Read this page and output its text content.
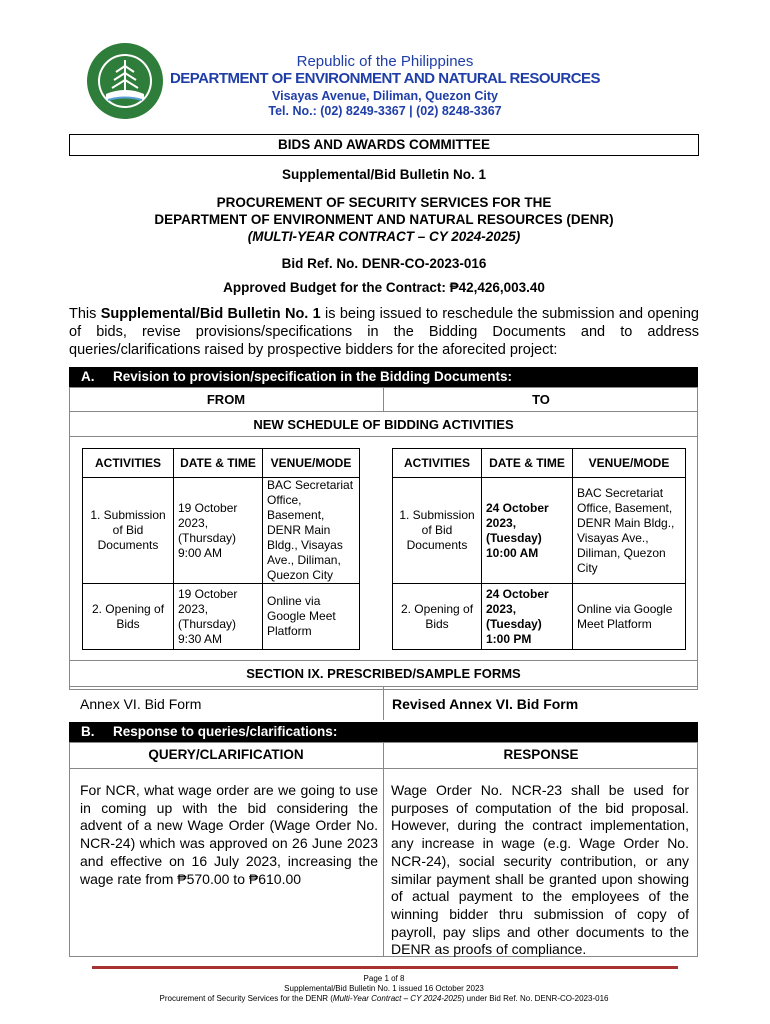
Republic of the Philippines
DEPARTMENT OF ENVIRONMENT AND NATURAL RESOURCES
Visayas Avenue, Diliman, Quezon City
Tel. No.: (02) 8249-3367 | (02) 8248-3367
BIDS AND AWARDS COMMITTEE
Supplemental/Bid Bulletin No. 1
PROCUREMENT OF SECURITY SERVICES FOR THE
DEPARTMENT OF ENVIRONMENT AND NATURAL RESOURCES (DENR)
(MULTI-YEAR CONTRACT – CY 2024-2025)
Bid Ref. No. DENR-CO-2023-016
Approved Budget for the Contract: ₱42,426,003.40
This Supplemental/Bid Bulletin No. 1 is being issued to reschedule the submission and opening of bids, revise provisions/specifications in the Bidding Documents and to address queries/clarifications raised by prospective bidders for the aforecited project:
A. Revision to provision/specification in the Bidding Documents:
FROM	TO
NEW SCHEDULE OF BIDDING ACTIVITIES
ACTIVITIES	DATE & TIME	VENUE/MODE
1. Submission of Bid Documents	19 October 2023, (Thursday) 9:00 AM	BAC Secretariat Office, Basement, DENR Main Bldg., Visayas Ave., Diliman, Quezon City
2. Opening of Bids	19 October 2023, (Thursday) 9:30 AM	Online via Google Meet Platform
ACTIVITIES	DATE & TIME	VENUE/MODE
1. Submission of Bid Documents	24 October 2023, (Tuesday) 10:00 AM	BAC Secretariat Office, Basement, DENR Main Bldg., Visayas Ave., Diliman, Quezon City
2. Opening of Bids	24 October 2023, (Tuesday) 1:00 PM	Online via Google Meet Platform
SECTION IX. PRESCRIBED/SAMPLE FORMS
Annex VI. Bid Form	Revised Annex VI. Bid Form
B. Response to queries/clarifications:
QUERY/CLARIFICATION	RESPONSE
For NCR, what wage order are we going to use in coming up with the bid considering the advent of a new Wage Order (Wage Order No. NCR-24) which was approved on 26 June 2023 and effective on 16 July 2023, increasing the wage rate from ₱570.00 to ₱610.00
Wage Order No. NCR-23 shall be used for purposes of computation of the bid proposal. However, during the contract implementation, any increase in wage (e.g. Wage Order No. NCR-24), social security contribution, or any similar payment shall be granted upon showing of actual payment to the employees of the winning bidder thru submission of copy of payroll, pay slips and other documents to the DENR as proofs of compliance.
Page 1 of 8
Supplemental/Bid Bulletin No. 1 issued 16 October 2023
Procurement of Security Services for the DENR (Multi-Year Contract – CY 2024-2025) under Bid Ref. No. DENR-CO-2023-016
